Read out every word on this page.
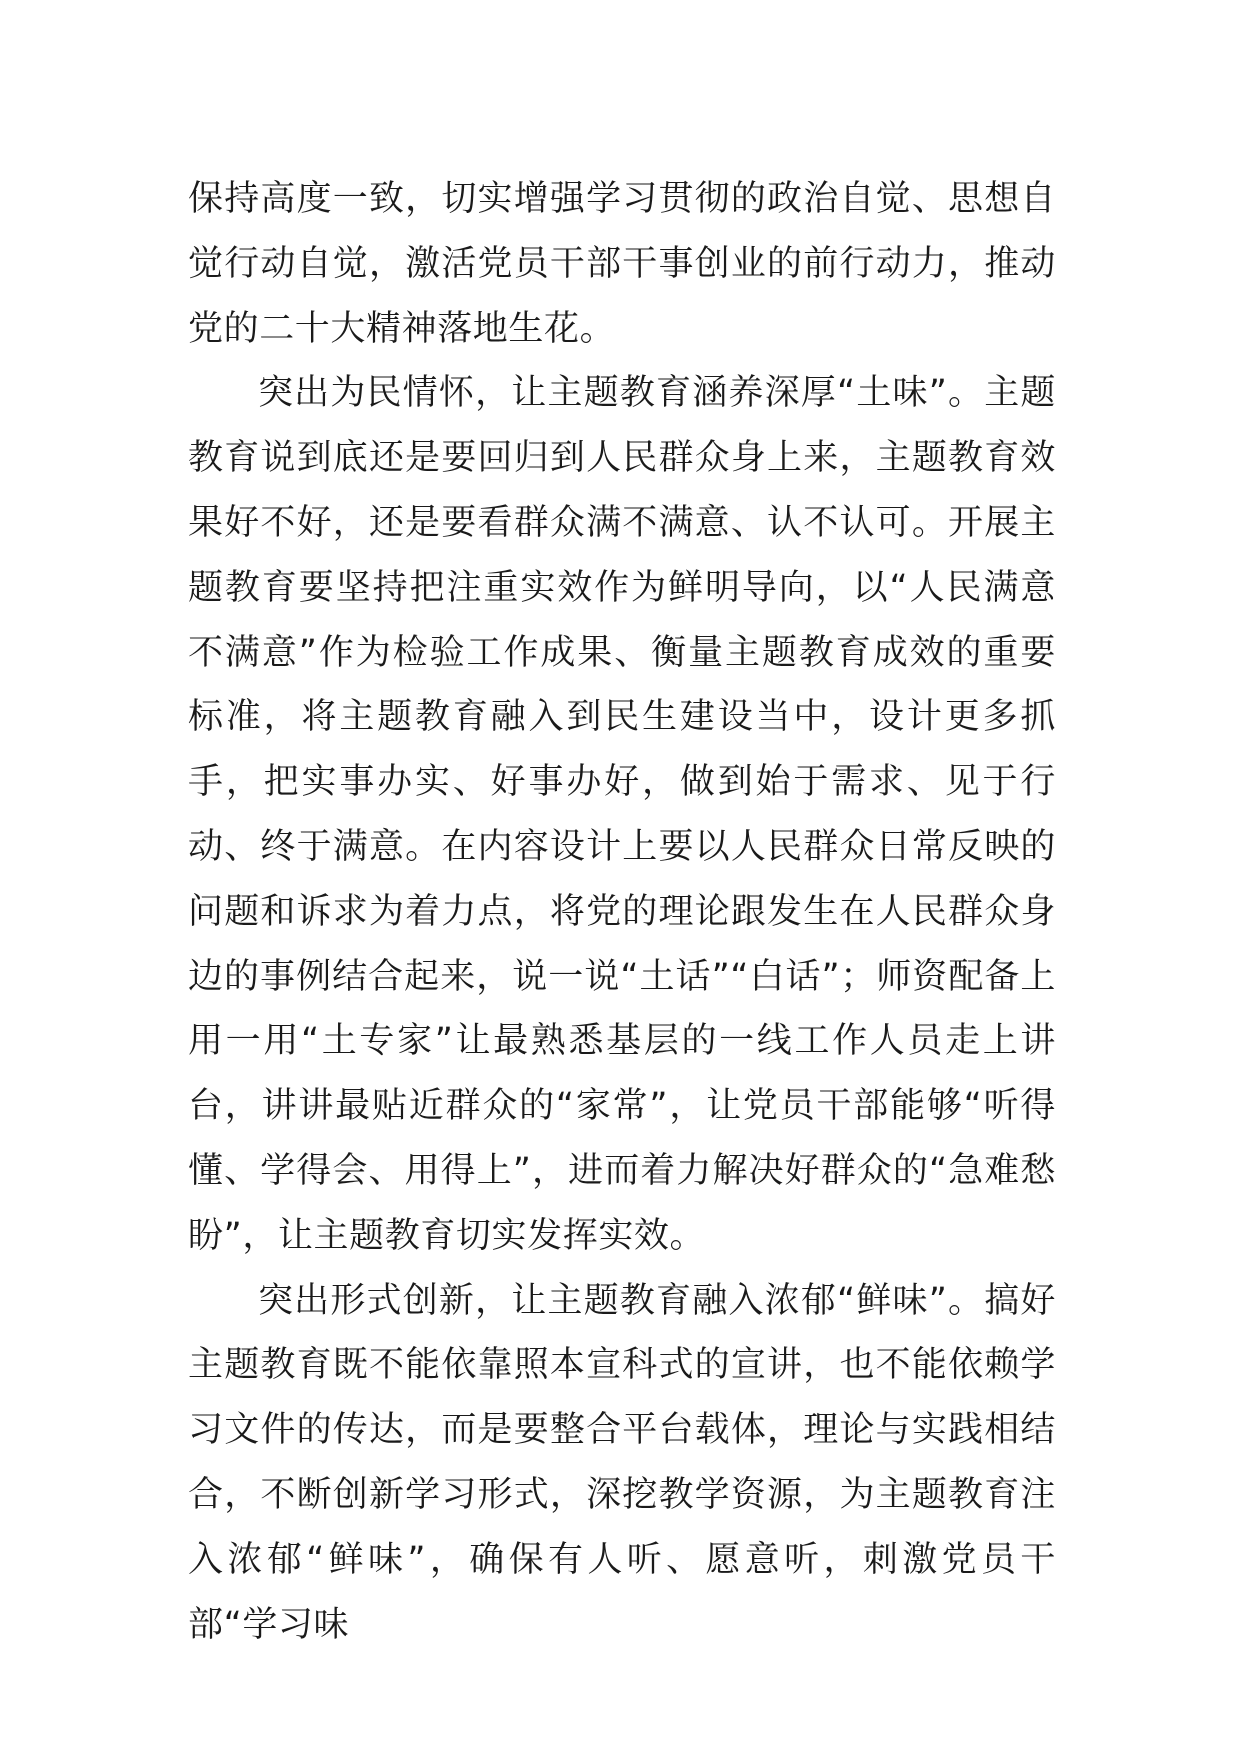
保持高度一致，切实增强学习贯彻的政治自觉、思想自觉行动自觉，激活党员干部干事创业的前行动力，推动党的二十大精神落地生花。

突出为民情怀，让主题教育涵养深厚“土味”。主题教育说到底还是要回归到人民群众身上来，主题教育效果好不好，还是要看群众满不满意、认不认可。开展主题教育要坚持把注重实效作为鲜明导向，以“人民满意不满意”作为检验工作成果、衡量主题教育成效的重要标准，将主题教育融入到民生建设当中，设计更多抓手，把实事办实、好事办好，做到始于需求、见于行动、终于满意。在内容设计上要以人民群众日常反映的问题和诉求为着力点，将党的理论跟发生在人民群众身边的事例结合起来，说一说“土话”“白话”；师资配备上用一用“土专家”让最熟悉基层的一线工作人员走上讲台，讲讲最贴近群众的“家常”，让党员干部能够“听得懂、学得会、用得上”，进而着力解决好群众的“急难愁盼”，让主题教育切实发挥实效。

突出形式创新，让主题教育融入浓郁“鲜味”。搞好主题教育既不能依靠照本宣科式的宣讲，也不能依赖学习文件的传达，而是要整合平台载体，理论与实践相结合，不断创新学习形式，深挖教学资源，为主题教育注入浓郁“鲜味”，确保有人听、愿意听，刺激党员干部“学习味
